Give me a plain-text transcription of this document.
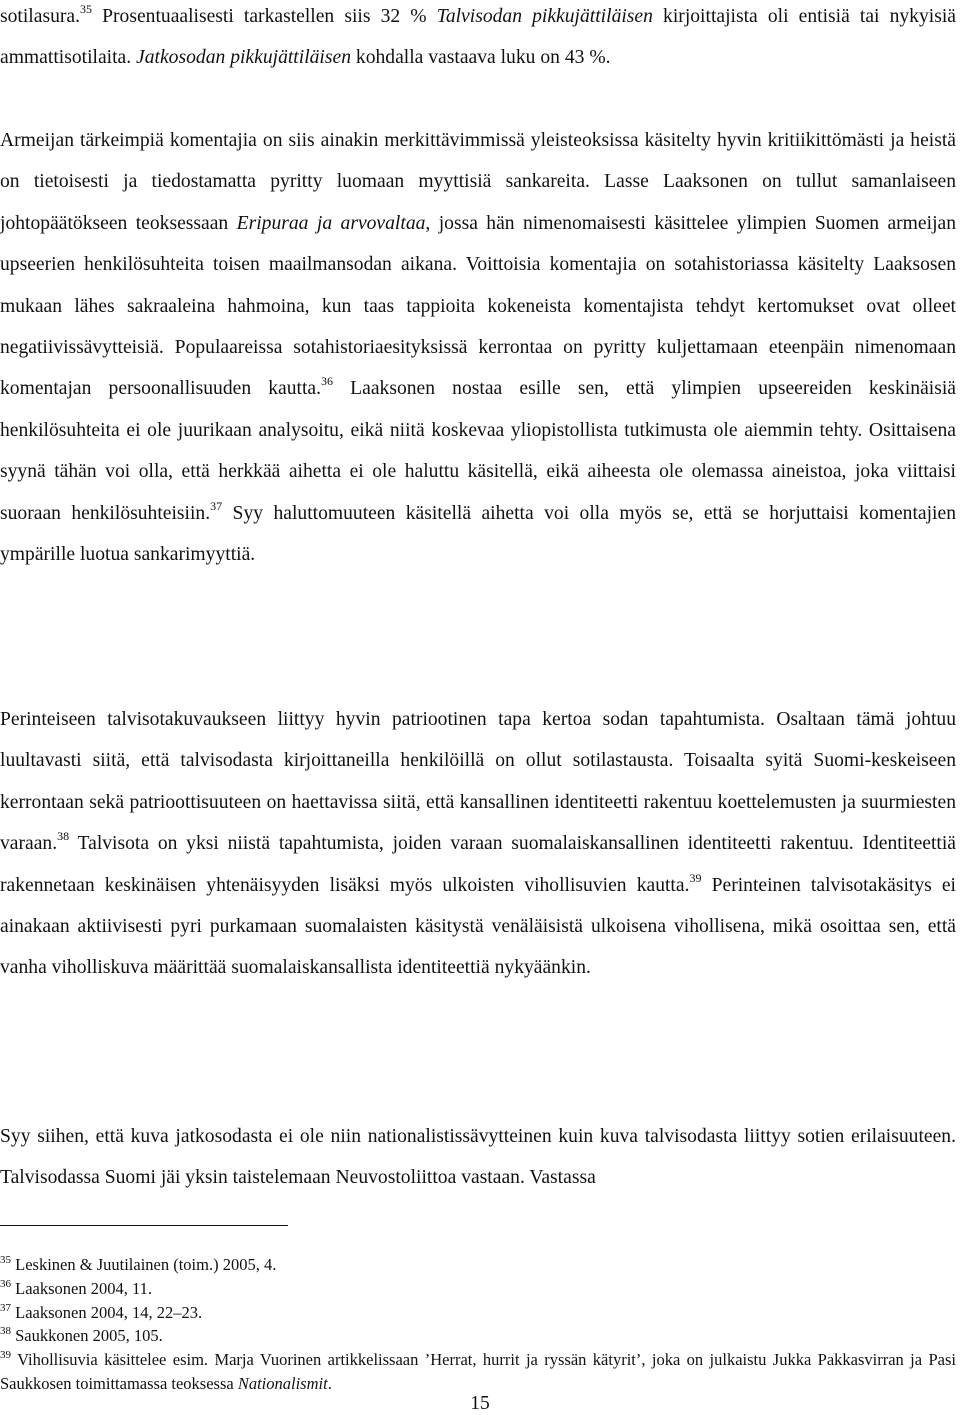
sotilasura.$^{35}$ Prosentuaalisesti tarkastellen siis 32 % Talvisodan pikkujättiläisen kirjoittajista oli entisiä tai nykyisiä ammattisotilaita. Jatkosodan pikkujättiläisen kohdalla vastaava luku on 43 %.

Armeijan tärkeimpiä komentajia on siis ainakin merkittävimmissä yleisteoksissa käsitelty hyvin kritiikittömästi ja heistä on tietoisesti ja tiedostamatta pyritty luomaan myyttisiä sankareita. Lasse Laaksonen on tullut samanlaiseen johtopäätökseen teoksessaan Eripuraa ja arvovaltaa, jossa hän nimenomaisesti käsittelee ylimpien Suomen armeijan upseerien henkilösuhteita toisen maailmansodan aikana. Voittoisia komentajia on sotahistoriassa käsitelty Laaksosen mukaan lähes sakraaleina hahmoina, kun taas tappioita kokeneista komentajista tehdyt kertomukset ovat olleet negatiivissävytteisiä. Populaareissa sotahistoriaesityksissä kerrontaa on pyritty kuljettamaan eteenpäin nimenomaan komentajan persoonallisuuden kautta.$^{36}$ Laaksonen nostaa esille sen, että ylimpien upseereiden keskinäisiä henkilösuhteita ei ole juurikaan analysoitu, eikä niitä koskevaa yliopistollista tutkimusta ole aiemmin tehty. Osittaisena syynä tähän voi olla, että herkkää aihetta ei ole haluttu käsitellä, eikä aiheesta ole olemassa aineistoa, joka viittaisi suoraan henkilösuhteisiin.$^{37}$ Syy haluttomuuteen käsitellä aihetta voi olla myös se, että se horjuttaisi komentajien ympärille luotua sankarimyyttiä.

Perinteiseen talvisotakuvaukseen liittyy hyvin patriootinen tapa kertoa sodan tapahtumista. Osaltaan tämä johtuu luultavasti siitä, että talvisodasta kirjoittaneilla henkilöillä on ollut sotilastausta. Toisaalta syitä Suomi-keskeiseen kerrontaan sekä patrioottisuuteen on haettavissa siitä, että kansallinen identiteetti rakentuu koettelemusten ja suurmiesten varaan.$^{38}$ Talvisota on yksi niistä tapahtumista, joiden varaan suomalaiskansallinen identiteetti rakentuu. Identiteettiä rakennetaan keskinäisen yhtenäisyyden lisäksi myös ulkoisten vihollisuvien kautta.$^{39}$ Perinteinen talvisotakäsitys ei ainakaan aktiivisesti pyri purkamaan suomalaisten käsitystä venäläisistä ulkoisena vihollisena, mikä osoittaa sen, että vanha viholliskuva määrittää suomalaiskansallista identiteettiä nykyäänkin.

Syy siihen, että kuva jatkosodasta ei ole niin nationalistissävytteinen kuin kuva talvisodasta liittyy sotien erilaisuuteen. Talvisodassa Suomi jäi yksin taistelemaan Neuvostoliittoa vastaan. Vastassa

$^{35}$ Leskinen & Juutilainen (toim.) 2005, 4.

$^{36}$ Laaksonen 2004, 11.

$^{37}$ Laaksonen 2004, 14, 22–23.

$^{38}$ Saukkonen 2005, 105.

$^{39}$ Vihollisuvia käsittelee esim. Marja Vuorinen artikkelissaan ’Herrat, hurrit ja ryssän kätyrit’, joka on julkaistu Jukka Pakkasvirran ja Pasi Saukkosen toimittamassa teoksessa Nationalismit.

15
